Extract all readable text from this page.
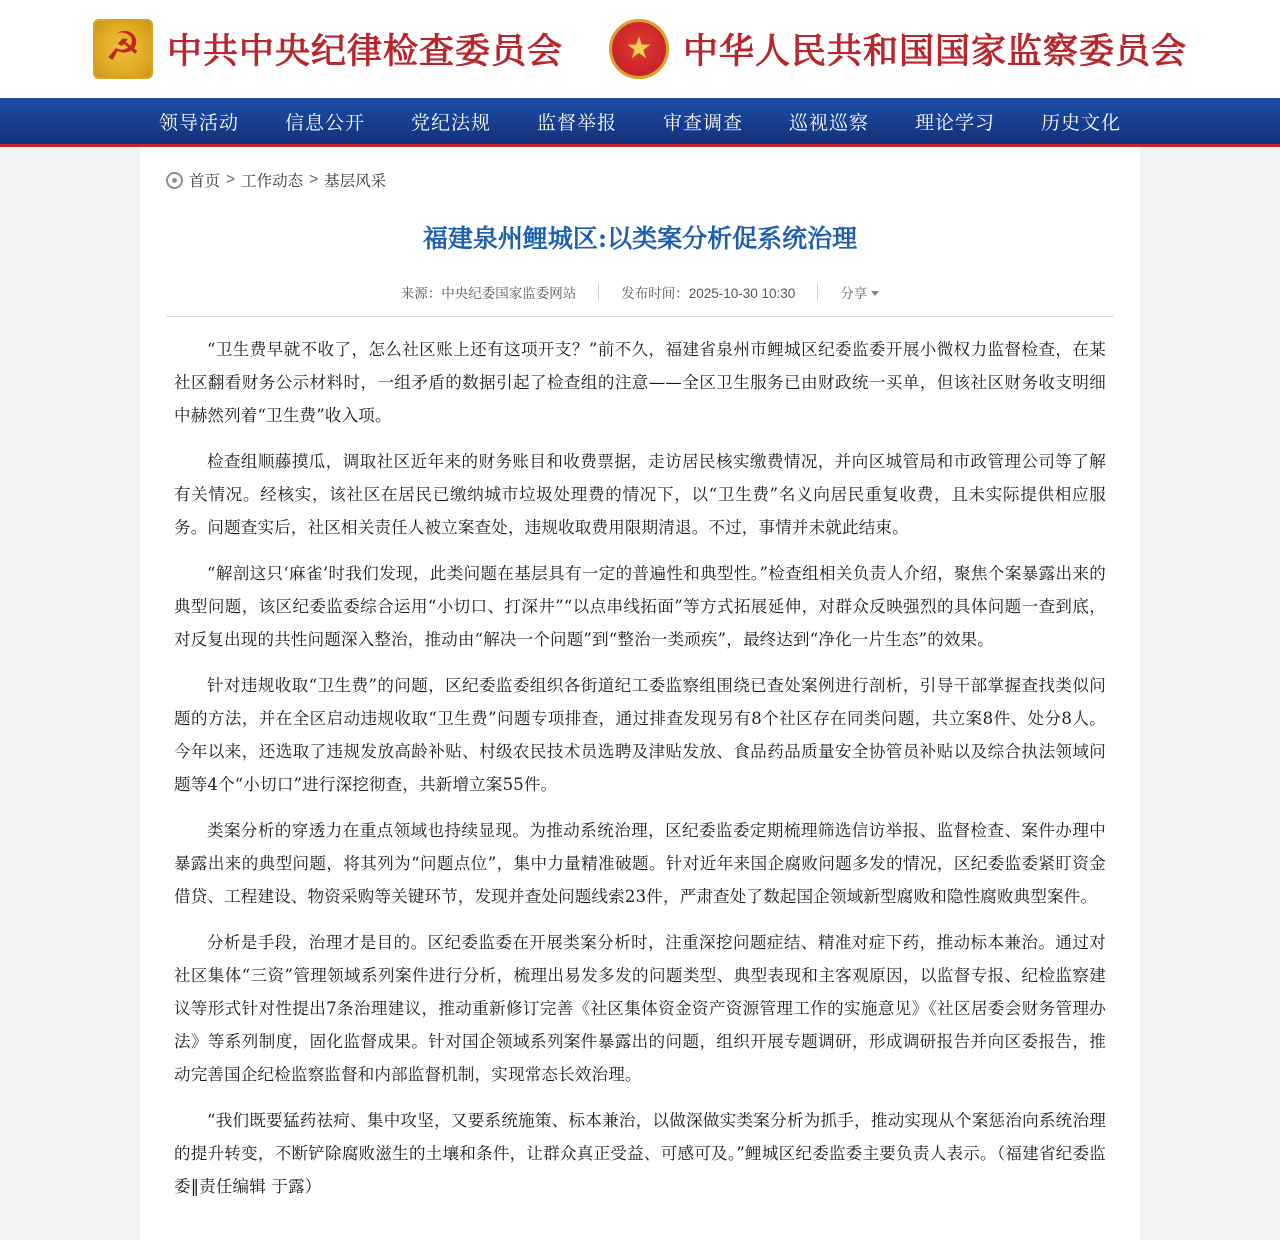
☭ 中共中央纪律检查委员会 ★ 中华人民共和国国家监察委员会
领导活动	信息公开	党纪法规	监督举报	审查调查	巡视巡察	理论学习	历史文化
首页 > 工作动态 > 基层风采
福建泉州鲤城区:以类案分析促系统治理
来源：中央纪委国家监委网站	发布时间：2025-10-30 10:30	分享

“卫生费早就不收了，怎么社区账上还有这项开支？”前不久，福建省泉州市鲤城区纪委监委开展小微权力监督检查，在某社区翻看财务公示材料时，一组矛盾的数据引起了检查组的注意——全区卫生服务已由财政统一买单，但该社区财务收支明细中赫然列着“卫生费”收入项。

检查组顺藤摸瓜，调取社区近年来的财务账目和收费票据，走访居民核实缴费情况，并向区城管局和市政管理公司等了解有关情况。经核实，该社区在居民已缴纳城市垃圾处理费的情况下，以“卫生费”名义向居民重复收费，且未实际提供相应服务。问题查实后，社区相关责任人被立案查处，违规收取费用限期清退。不过，事情并未就此结束。

“解剖这只‘麻雀’时我们发现，此类问题在基层具有一定的普遍性和典型性。”检查组相关负责人介绍，聚焦个案暴露出来的典型问题，该区纪委监委综合运用“小切口、打深井”“以点串线拓面”等方式拓展延伸，对群众反映强烈的具体问题一查到底，对反复出现的共性问题深入整治，推动由“解决一个问题”到“整治一类顽疾”，最终达到“净化一片生态”的效果。

针对违规收取“卫生费”的问题，区纪委监委组织各街道纪工委监察组围绕已查处案例进行剖析，引导干部掌握查找类似问题的方法，并在全区启动违规收取“卫生费”问题专项排查，通过排查发现另有8个社区存在同类问题，共立案8件、处分8人。今年以来，还选取了违规发放高龄补贴、村级农民技术员选聘及津贴发放、食品药品质量安全协管员补贴以及综合执法领域问题等4个“小切口”进行深挖彻查，共新增立案55件。

类案分析的穿透力在重点领域也持续显现。为推动系统治理，区纪委监委定期梳理筛选信访举报、监督检查、案件办理中暴露出来的典型问题，将其列为“问题点位”，集中力量精准破题。针对近年来国企腐败问题多发的情况，区纪委监委紧盯资金借贷、工程建设、物资采购等关键环节，发现并查处问题线索23件，严肃查处了数起国企领域新型腐败和隐性腐败典型案件。

分析是手段，治理才是目的。区纪委监委在开展类案分析时，注重深挖问题症结、精准对症下药，推动标本兼治。通过对社区集体“三资”管理领域系列案件进行分析，梳理出易发多发的问题类型、典型表现和主客观原因，以监督专报、纪检监察建议等形式针对性提出7条治理建议，推动重新修订完善《社区集体资金资产资源管理工作的实施意见》《社区居委会财务管理办法》等系列制度，固化监督成果。针对国企领域系列案件暴露出的问题，组织开展专题调研，形成调研报告并向区委报告，推动完善国企纪检监察监督和内部监督机制，实现常态长效治理。

“我们既要猛药祛疴、集中攻坚，又要系统施策、标本兼治，以做深做实类案分析为抓手，推动实现从个案惩治向系统治理的提升转变，不断铲除腐败滋生的土壤和条件，让群众真正受益、可感可及。”鲤城区纪委监委主要负责人表示。（福建省纪委监委‖责任编辑 于露）
